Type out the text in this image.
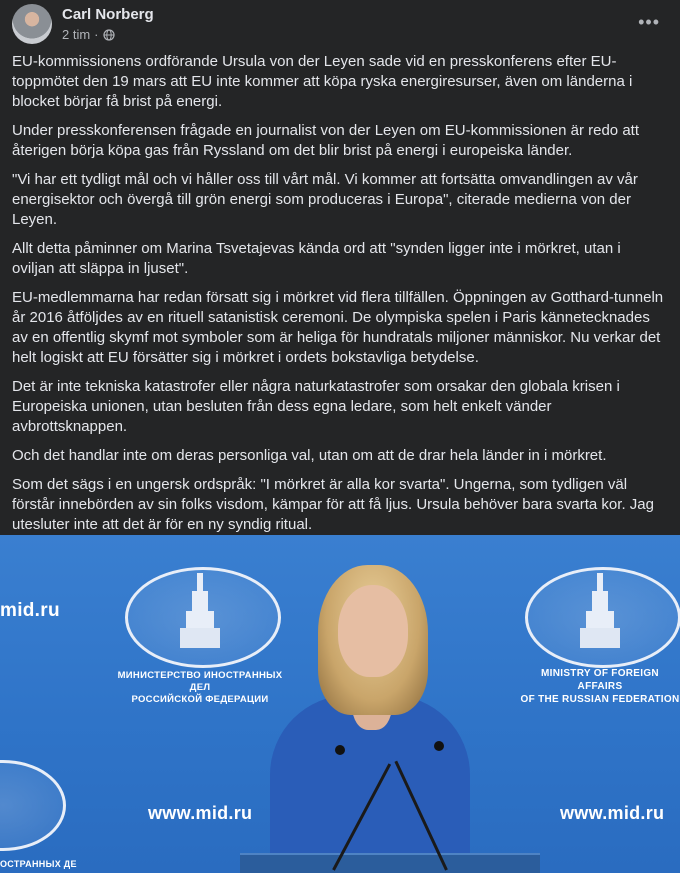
Carl Norberg
2 tim ·
•••

EU-kommissionens ordförande Ursula von der Leyen sade vid en presskonferens efter EU-toppmötet den 19 mars att EU inte kommer att köpa ryska energiresurser, även om länderna i blocket börjar få brist på energi.

Under presskonferensen frågade en journalist von der Leyen om EU-kommissionen är redo att återigen börja köpa gas från Ryssland om det blir brist på energi i europeiska länder.

"Vi har ett tydligt mål och vi håller oss till vårt mål. Vi kommer att fortsätta omvandlingen av vår energisektor och övergå till grön energi som produceras i Europa", citerade medierna von der Leyen.

Allt detta påminner om Marina Tsvetajevas kända ord att "synden ligger inte i mörkret, utan i oviljan att släppa in ljuset".

EU-medlemmarna har redan försatt sig i mörkret vid flera tillfällen. Öppningen av Gotthard-tunneln år 2016 åtföljdes av en rituell satanistisk ceremoni. De olympiska spelen i Paris kännetecknades av en offentlig skymf mot symboler som är heliga för hundratals miljoner människor. Nu verkar det helt logiskt att EU försätter sig i mörkret i ordets bokstavliga betydelse.

Det är inte tekniska katastrofer eller några naturkatastrofer som orsakar den globala krisen i Europeiska unionen, utan besluten från dess egna ledare, som helt enkelt vänder avbrottsknappen.

Och det handlar inte om deras personliga val, utan om att de drar hela länder in i mörkret.

Som det sägs i en ungersk ordspråk: "I mörkret är alla kor svarta". Ungerna, som tydligen väl förstår innebörden av sin folks visdom, kämpar för att få ljus. Ursula behöver bara svarta kor. Jag utesluter inte att det är för en ny syndig ritual.

mid.ru
ОСТРАННЫХ ДЕ
МИНИСТЕРСТВО ИНОСТРАННЫХ ДЕЛ
РОССИЙСКОЙ ФЕДЕРАЦИИ
MINISTRY OF FOREIGN AFFAIRS
OF THE RUSSIAN FEDERATION
www.mid.ru	www.mid.ru
